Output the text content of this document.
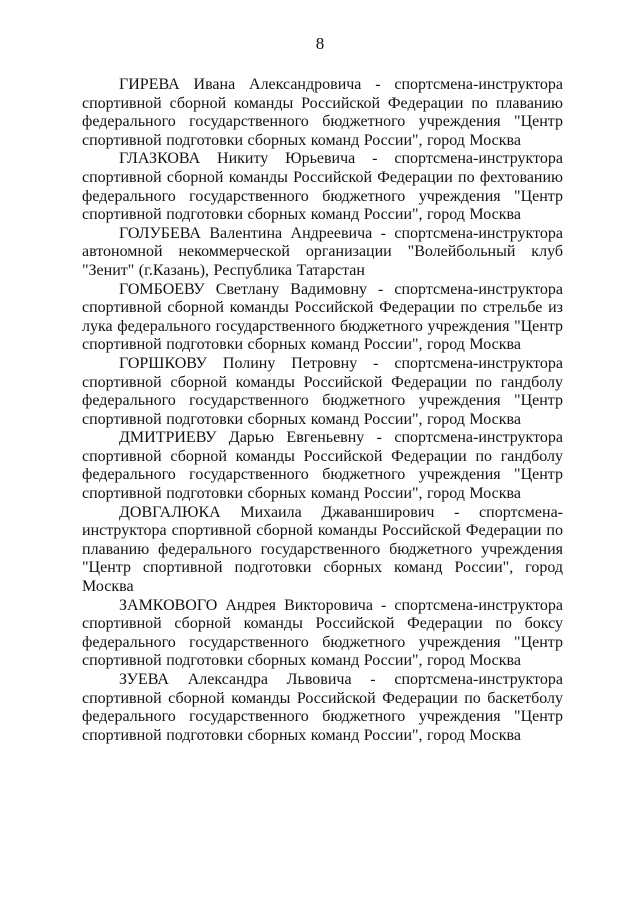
8

ГИРЕВА Ивана Александровича - спортсмена-инструктора спортивной сборной команды Российской Федерации по плаванию федерального государственного бюджетного учреждения "Центр спортивной подготовки сборных команд России", город Москва

ГЛАЗКОВА Никиту Юрьевича - спортсмена-инструктора спортивной сборной команды Российской Федерации по фехтованию федерального государственного бюджетного учреждения "Центр спортивной подготовки сборных команд России", город Москва

ГОЛУБЕВА Валентина Андреевича - спортсмена-инструктора автономной некоммерческой организации "Волейбольный клуб "Зенит" (г.Казань), Республика Татарстан

ГОМБОЕВУ Светлану Вадимовну - спортсмена-инструктора спортивной сборной команды Российской Федерации по стрельбе из лука федерального государственного бюджетного учреждения "Центр спортивной подготовки сборных команд России", город Москва

ГОРШКОВУ Полину Петровну - спортсмена-инструктора спортивной сборной команды Российской Федерации по гандболу федерального государственного бюджетного учреждения "Центр спортивной подготовки сборных команд России", город Москва

ДМИТРИЕВУ Дарью Евгеньевну - спортсмена-инструктора спортивной сборной команды Российской Федерации по гандболу федерального государственного бюджетного учреждения "Центр спортивной подготовки сборных команд России", город Москва

ДОВГАЛЮКА Михаила Джаванширович - спортсмена-инструктора спортивной сборной команды Российской Федерации по плаванию федерального государственного бюджетного учреждения "Центр спортивной подготовки сборных команд России", город Москва

ЗАМКОВОГО Андрея Викторовича - спортсмена-инструктора спортивной сборной команды Российской Федерации по боксу федерального государственного бюджетного учреждения "Центр спортивной подготовки сборных команд России", город Москва

ЗУЕВА Александра Львовича - спортсмена-инструктора спортивной сборной команды Российской Федерации по баскетболу федерального государственного бюджетного учреждения "Центр спортивной подготовки сборных команд России", город Москва
